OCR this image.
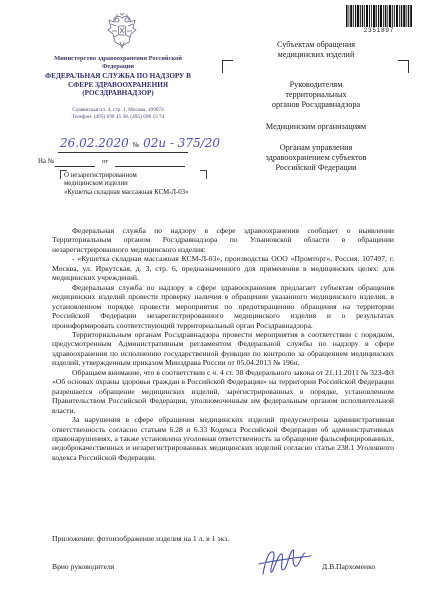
2351897
Министерство здравоохранения Российской Федерации
ФЕДЕРАЛЬНАЯ СЛУЖБА ПО НАДЗОРУ В СФЕРЕ ЗДРАВООХРАНЕНИЯ (РОСЗДРАВНАДЗОР)
Славянская пл. 4, стр. 1, Москва, 109074
Телефон: (495) 698 45 38, (495) 698 15 74
26.02.2020 № 02и - 375/20
На №	от
О незарегистрированном
медицинском изделии
«Кушетка складная массажная КСМ-Л-03»
Субъектам обращения
медицинских изделий
Руководителям
территориальных
органов Росздравнадзора
Медицинским организациям
Органам управления
здравоохранением субъектов
Российской Федерации

Федеральная служба по надзору в сфере здравоохранения сообщает о выявлении Территориальным органом Росздравнадзора по Ульяновской области в обращении незарегистрированного медицинского изделия:

- «Кушетка складная массажная КСМ-Л-03», производства ООО «Промторг», Россия, 107497, г. Москва, ул. Иркутская, д. 3, стр. 6, предназначенного для применения в медицинских целях: для медицинских учреждений.

Федеральная служба по надзору в сфере здравоохранения предлагает субъектам обращения медицинских изделий провести проверку наличия в обращении указанного медицинского изделия, в установленном порядке провести мероприятия по предотвращению обращения на территории Российской Федерации незарегистрированного медицинского изделия и о результатах проинформировать соответствующий территориальный орган Росздравнадзора.

Территориальным органам Росздравнадзора провести мероприятия в соответствии с порядком, предусмотренным Административным регламентом Федеральной службы по надзору в сфере здравоохранения по исполнению государственной функции по контролю за обращением медицинских изделий, утвержденным приказом Минздрава России от 05.04.2013 № 196н.

Обращаем внимание, что в соответствии с ч. 4 ст. 38 Федерального закона от 21.11.2011 № 323-ФЗ «Об основах охраны здоровья граждан в Российской Федерации» на территории Российской Федерации разрешается обращение медицинских изделий, зарегистрированных в порядке, установленном Правительством Российской Федерации, уполномоченным им федеральным органом исполнительной власти.

За нарушения в сфере обращения медицинских изделий предусмотрена административная ответственность согласно статьям 6.28 и 6.33 Кодекса Российской Федерации об административных правонарушениях, а также установлена уголовная ответственность за обращение фальсифицированных, недоброкачественных и незарегистрированных медицинских изделий согласно статье 238.1 Уголовного кодекса Российской Федерации.

Приложение: фотоизображение изделия на 1 л. в 1 экз.
Врио руководителя	Д.В.Пархоменко
